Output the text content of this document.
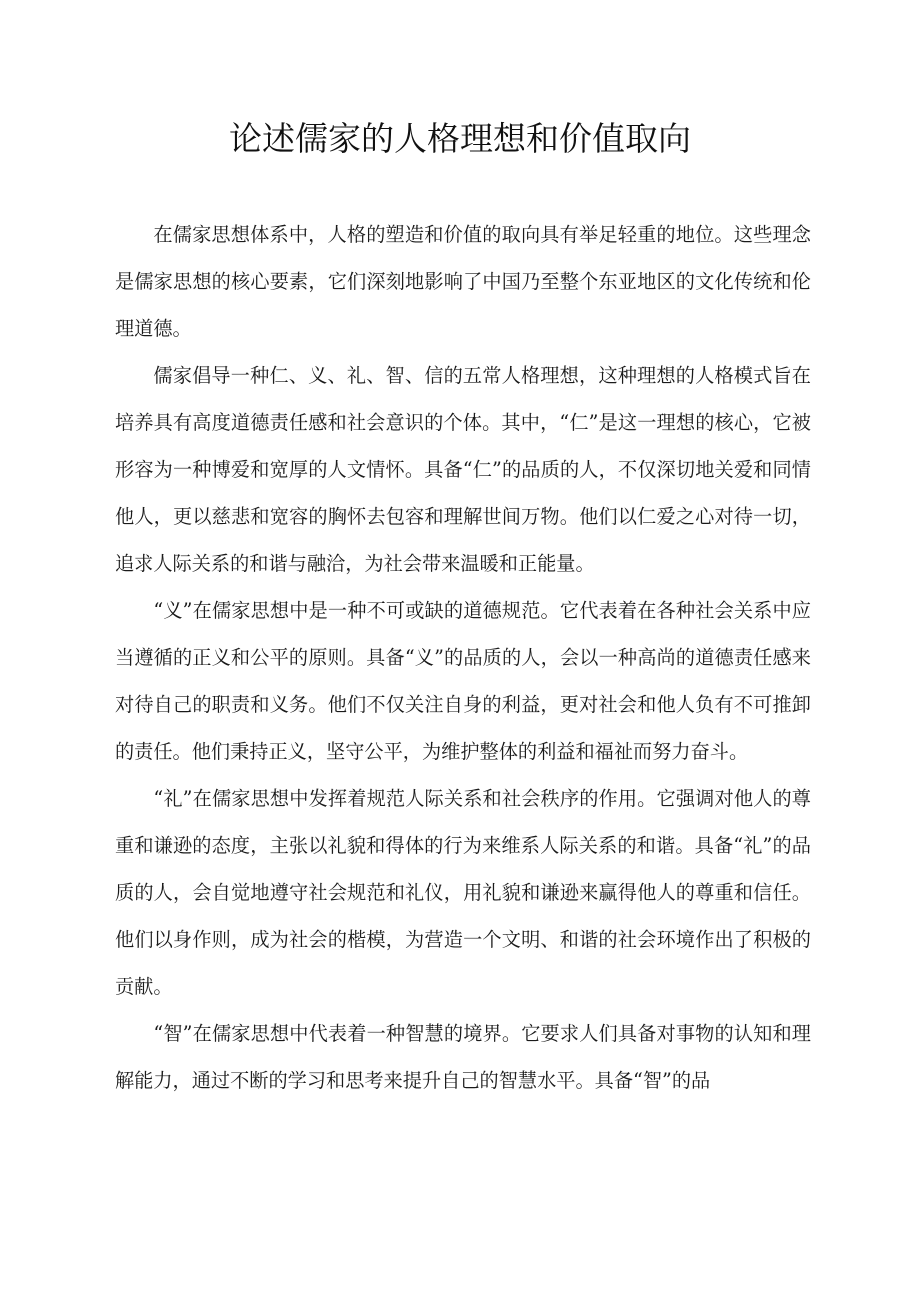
论述儒家的人格理想和价值取向

在儒家思想体系中，人格的塑造和价值的取向具有举足轻重的地位。这些理念是儒家思想的核心要素，它们深刻地影响了中国乃至整个东亚地区的文化传统和伦理道德。

儒家倡导一种仁、义、礼、智、信的五常人格理想，这种理想的人格模式旨在培养具有高度道德责任感和社会意识的个体。其中，“仁”是这一理想的核心，它被形容为一种博爱和宽厚的人文情怀。具备“仁”的品质的人，不仅深切地关爱和同情他人，更以慈悲和宽容的胸怀去包容和理解世间万物。他们以仁爱之心对待一切，追求人际关系的和谐与融洽，为社会带来温暖和正能量。

“义”在儒家思想中是一种不可或缺的道德规范。它代表着在各种社会关系中应当遵循的正义和公平的原则。具备“义”的品质的人，会以一种高尚的道德责任感来对待自己的职责和义务。他们不仅关注自身的利益，更对社会和他人负有不可推卸的责任。他们秉持正义，坚守公平，为维护整体的利益和福祉而努力奋斗。

“礼”在儒家思想中发挥着规范人际关系和社会秩序的作用。它强调对他人的尊重和谦逊的态度，主张以礼貌和得体的行为来维系人际关系的和谐。具备“礼”的品质的人，会自觉地遵守社会规范和礼仪，用礼貌和谦逊来赢得他人的尊重和信任。他们以身作则，成为社会的楷模，为营造一个文明、和谐的社会环境作出了积极的贡献。

“智”在儒家思想中代表着一种智慧的境界。它要求人们具备对事物的认知和理解能力，通过不断的学习和思考来提升自己的智慧水平。具备“智”的品
